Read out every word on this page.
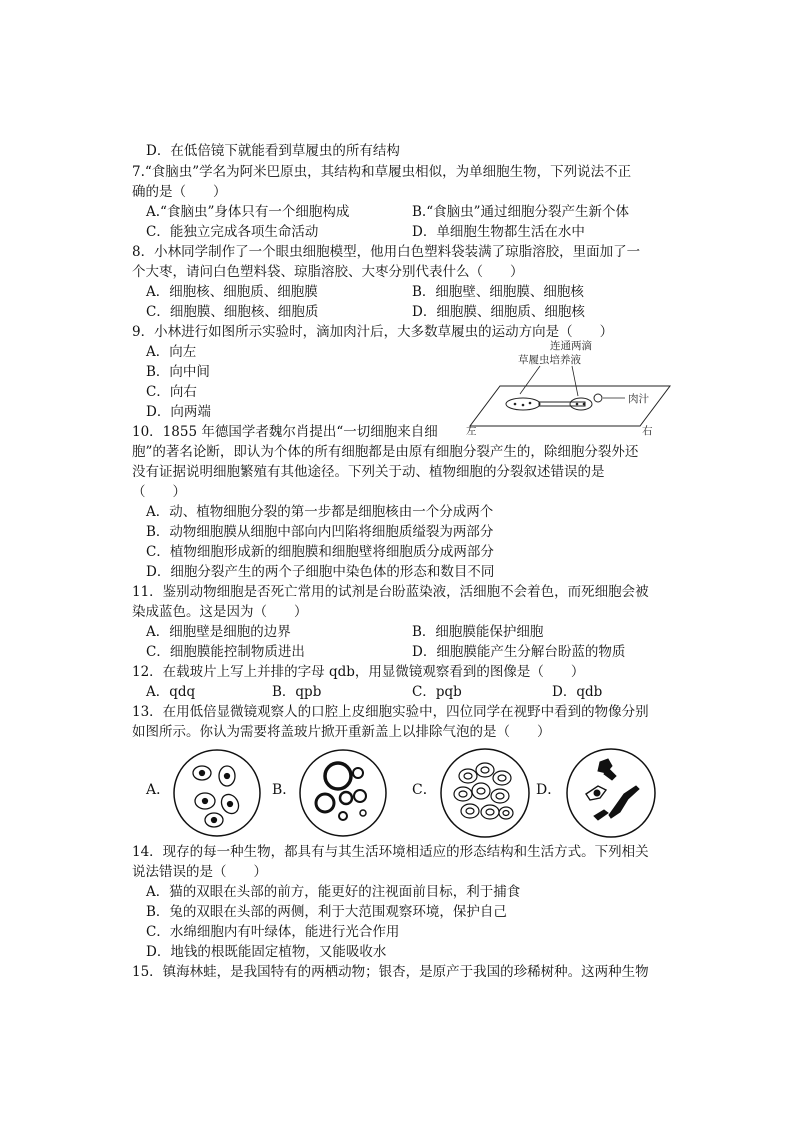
D．在低倍镜下就能看到草履虫的所有结构
7.“食脑虫”学名为阿米巴原虫，其结构和草履虫相似，为单细胞生物，下列说法不正
确的是（　　）
A.“食脑虫”身体只有一个细胞构成	B.“食脑虫”通过细胞分裂产生新个体
C．能独立完成各项生命活动	D．单细胞生物都生活在水中
8．小林同学制作了一个眼虫细胞模型，他用白色塑料袋装满了琼脂溶胶，里面加了一
个大枣，请问白色塑料袋、琼脂溶胶、大枣分别代表什么（　　）
A．细胞核、细胞质、细胞膜	B．细胞壁、细胞膜、细胞核
C．细胞膜、细胞核、细胞质	D．细胞膜、细胞质、细胞核
9．小林进行如图所示实验时，滴加肉汁后，大多数草履虫的运动方向是（　　）
A．向左
B．向中间
C．向右
D．向两端
连通两滴
草履虫培养液
肉汁
左	右
10．1855 年德国学者魏尔肖提出“一切细胞来自细
胞”的著名论断，即认为个体的所有细胞都是由原有细胞分裂产生的，除细胞分裂外还
没有证据说明细胞繁殖有其他途径。下列关于动、植物细胞的分裂叙述错误的是
（　　）
A．动、植物细胞分裂的第一步都是细胞核由一个分成两个
B．动物细胞膜从细胞中部向内凹陷将细胞质缢裂为两部分
C．植物细胞形成新的细胞膜和细胞壁将细胞质分成两部分
D．细胞分裂产生的两个子细胞中染色体的形态和数目不同
11．鉴别动物细胞是否死亡常用的试剂是台盼蓝染液，活细胞不会着色，而死细胞会被
染成蓝色。这是因为（　　）
A．细胞壁是细胞的边界	B．细胞膜能保护细胞
C．细胞膜能控制物质进出	D．细胞膜能产生分解台盼蓝的物质
12．在载玻片上写上并排的字母 qdb，用显微镜观察看到的图像是（　　）
A．qdq	B．qpb	C．pqb	D．qdb
13．在用低倍显微镜观察人的口腔上皮细胞实验中，四位同学在视野中看到的物像分别
如图所示。你认为需要将盖玻片掀开重新盖上以排除气泡的是（　　）
A．	B．	C．	D．
14．现存的每一种生物，都具有与其生活环境相适应的形态结构和生活方式。下列相关
说法错误的是（　　）
A．猫的双眼在头部的前方，能更好的注视面前目标，利于捕食
B．兔的双眼在头部的两侧，利于大范围观察环境，保护自己
C．水绵细胞内有叶绿体，能进行光合作用
D．地钱的根既能固定植物，又能吸收水
15．镇海林蛙，是我国特有的两栖动物；银杏，是原产于我国的珍稀树种。这两种生物
